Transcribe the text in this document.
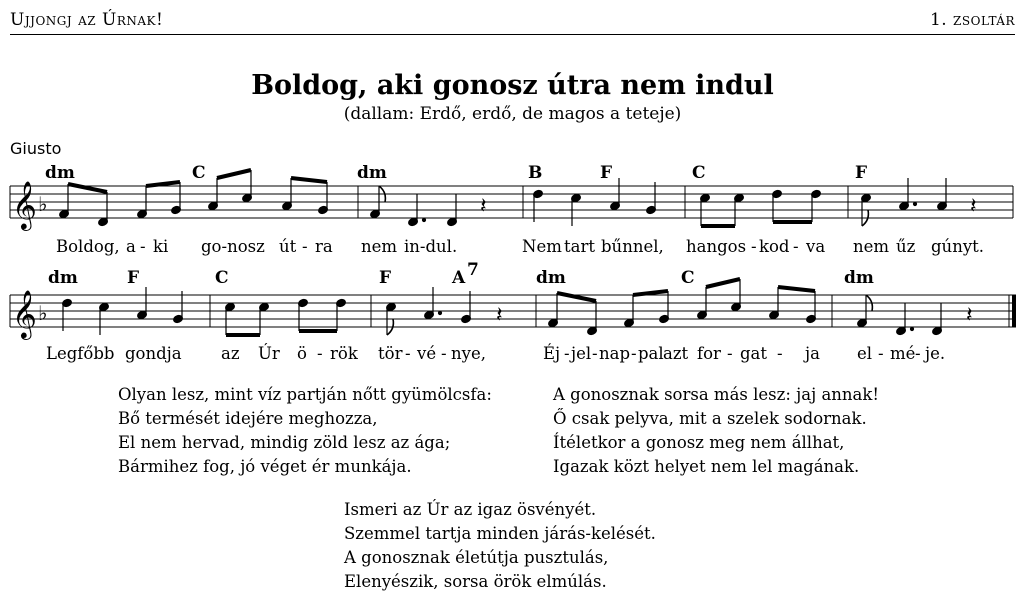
Ujjongj az Úrnak!	1. zsoltár
Boldog, aki gonosz útra nem indul
(dallam: Erdő, erdő, de magos a teteje)
Giusto
𝄞 ♭	𝄽	𝄽
dm	C	dm	B	F	C	F
Boldog, a - ki go-nosz út - ra nem in-dul.	Nem tart bűnnel, hangos - kod - va nem űz gúnyt.
𝄞 ♭	𝄽	𝄽
dm	F	C	F	A 7	dm	C	dm
Legfőbb gondja az Úr ö - rök tör - vé - nye,	Éj - jel - nap - pal azt for - gat - ja el - mé - je.
Olyan lesz, mint víz partján nőtt gyümölcsfa:
Bő termését idejére meghozza,
El nem hervad, mindig zöld lesz az ága;
Bármihez fog, jó véget ér munkája.
A gonosznak sorsa más lesz: jaj annak!
Ő csak pelyva, mit a szelek sodornak.
Ítéletkor a gonosz meg nem állhat,
Igazak közt helyet nem lel magának.
Ismeri az Úr az igaz ösvényét.
Szemmel tartja minden járás-kelését.
A gonosznak életútja pusztulás,
Elenyészik, sorsa örök elmúlás.
